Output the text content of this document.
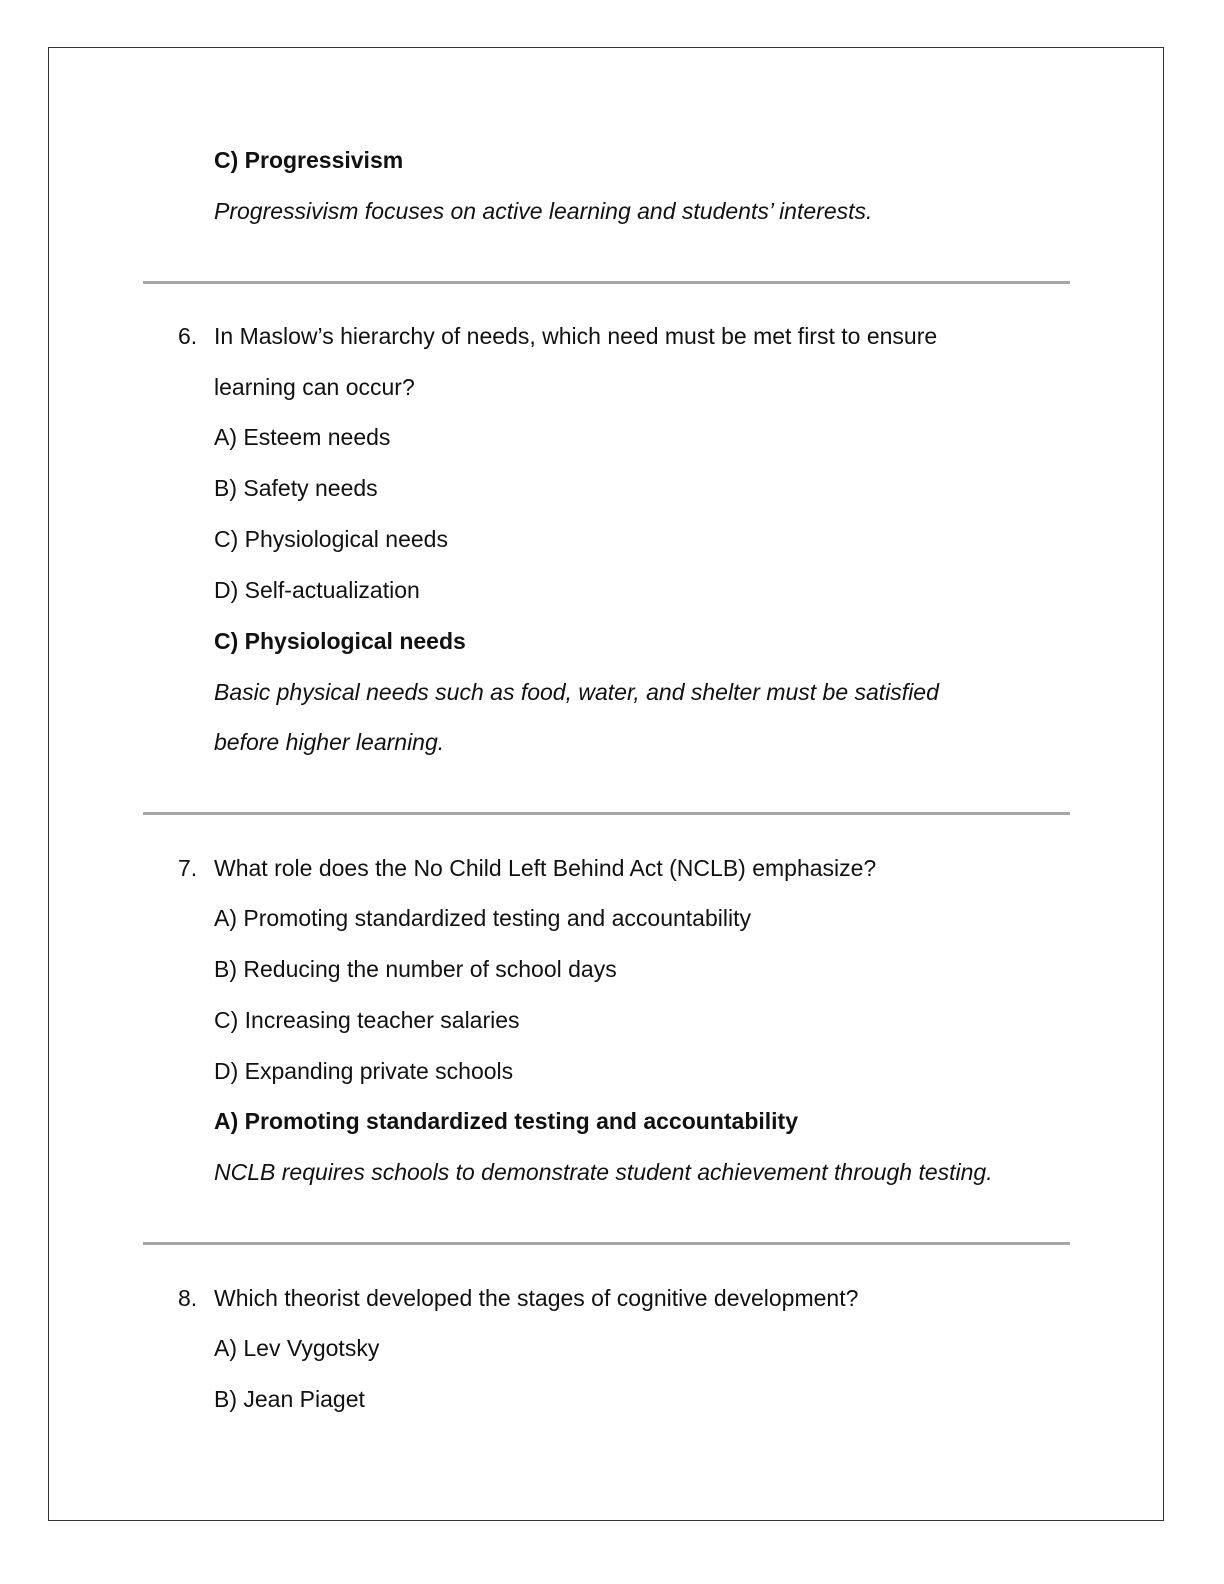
C) Progressivism
Progressivism focuses on active learning and students’ interests.
6. In Maslow’s hierarchy of needs, which need must be met first to ensure
learning can occur?
A) Esteem needs
B) Safety needs
C) Physiological needs
D) Self-actualization
C) Physiological needs
Basic physical needs such as food, water, and shelter must be satisfied
before higher learning.
7. What role does the No Child Left Behind Act (NCLB) emphasize?
A) Promoting standardized testing and accountability
B) Reducing the number of school days
C) Increasing teacher salaries
D) Expanding private schools
A) Promoting standardized testing and accountability
NCLB requires schools to demonstrate student achievement through testing.
8. Which theorist developed the stages of cognitive development?
A) Lev Vygotsky
B) Jean Piaget
